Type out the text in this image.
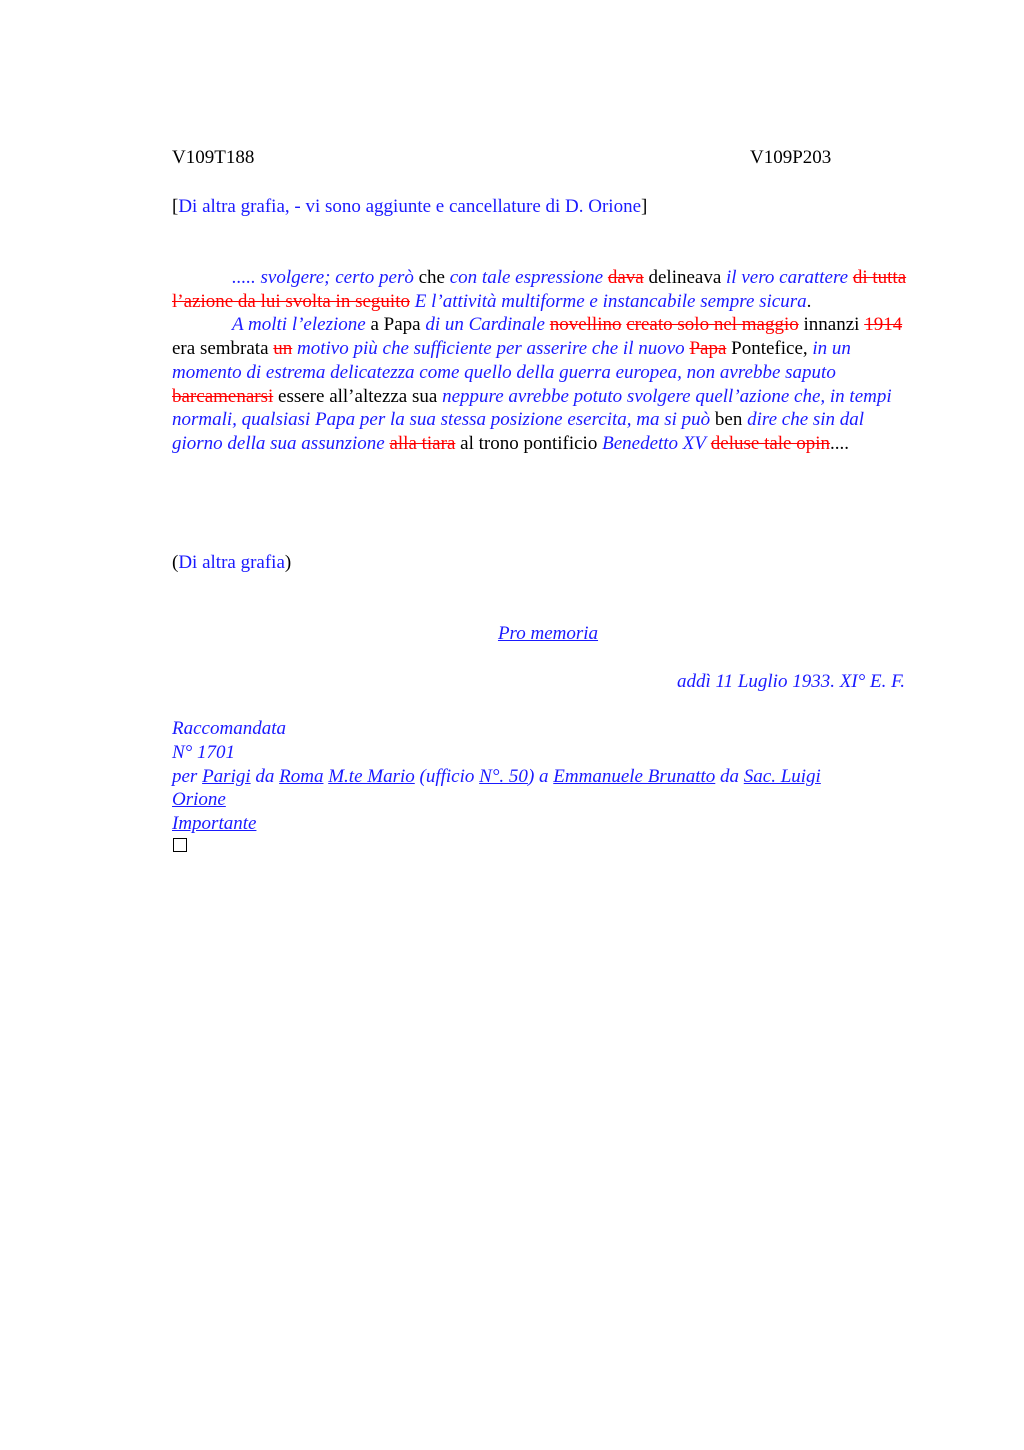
V109T188	V109P203
[Di altra grafia, - vi sono aggiunte e cancellature di D. Orione]

..... svolgere; certo però che con tale espressione dava delineava il vero carattere di tutta l’azione da lui svolta in seguito E l’attività multiforme e instancabile sempre sicura.

A molti l’elezione a Papa di un Cardinale novellino creato solo nel maggio innanzi 1914 era sembrata un motivo più che sufficiente per asserire che il nuovo Papa Pontefice, in un momento di estrema delicatezza come quello della guerra europea, non avrebbe saputo barcamenarsi essere all’altezza sua neppure avrebbe potuto svolgere quell’azione che, in tempi normali, qualsiasi Papa per la sua stessa posizione esercita, ma si può ben dire che sin dal giorno della sua assunzione alla tiara al trono pontificio Benedetto XV deluse tale opin....

(Di altra grafia)
Pro memoria
addì 11 Luglio 1933. XI° E. F.
Raccomandata
N° 1701
per Parigi da Roma M.te Mario (ufficio N°. 50) a Emmanuele Brunatto da Sac. Luigi
Orione
Importante
